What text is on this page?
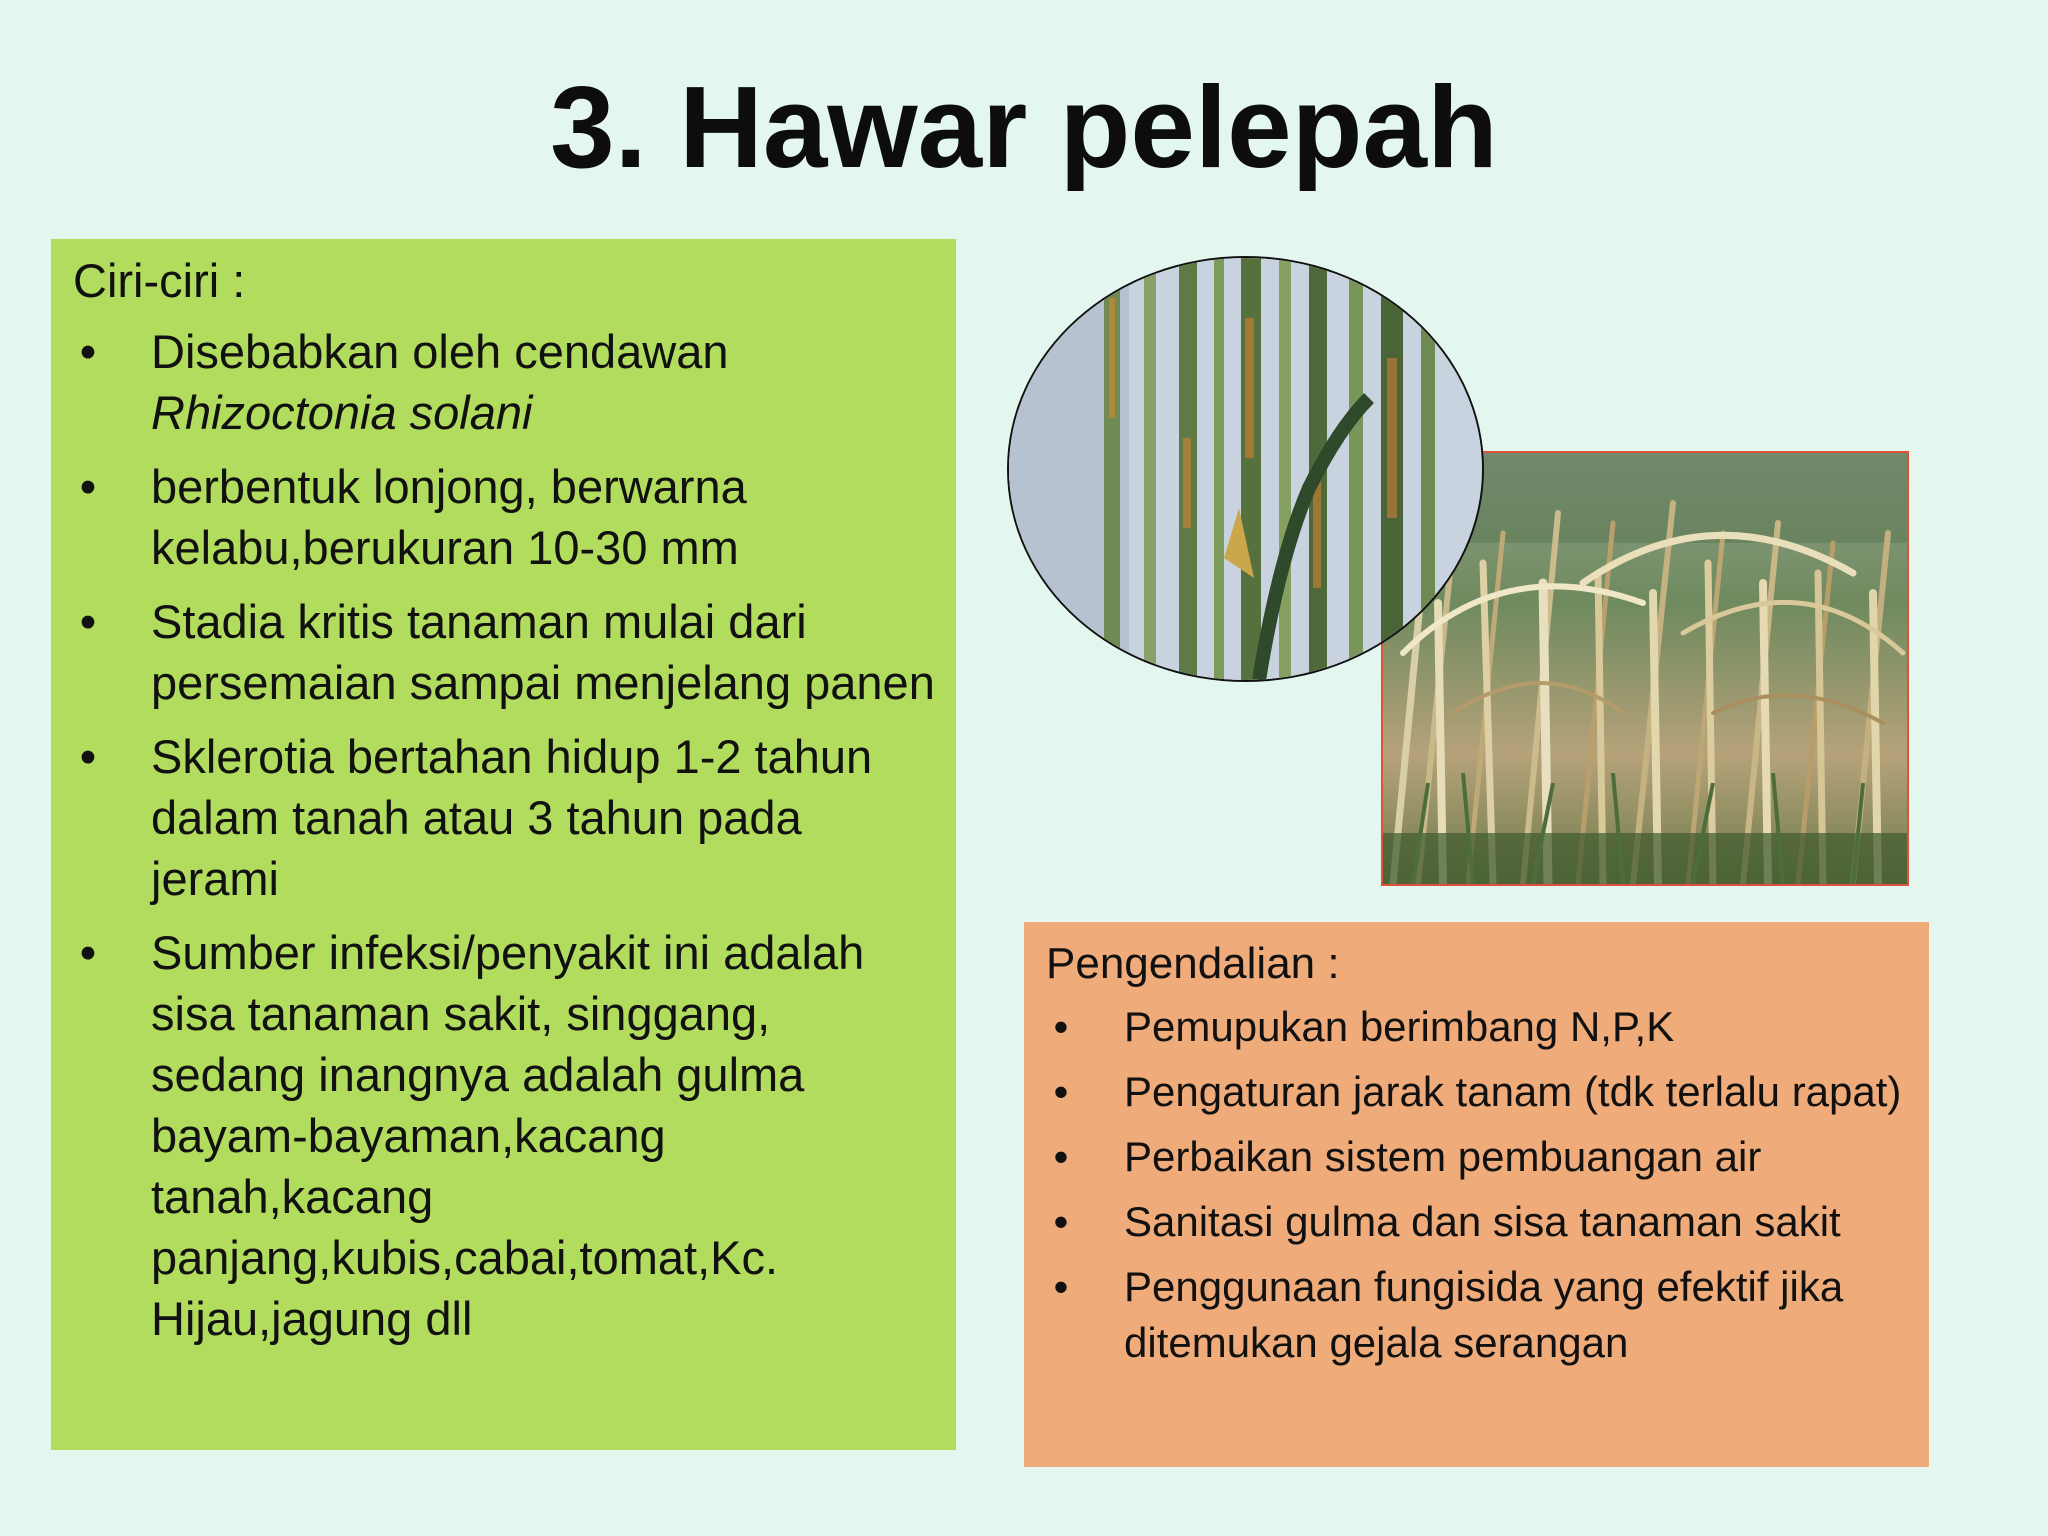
3. Hawar pelepah
Ciri-ciri :
• Disebabkan oleh cendawan
Rhizoctonia solani
• berbentuk lonjong, berwarna kelabu,berukuran 10-30 mm
• Stadia kritis tanaman mulai dari persemaian sampai menjelang panen
• Sklerotia bertahan hidup 1-2 tahun dalam tanah atau 3 tahun pada jerami
• Sumber infeksi/penyakit ini adalah sisa tanaman sakit, singgang, sedang inangnya adalah gulma bayam-bayaman,kacang tanah,kacang panjang,kubis,cabai,tomat,Kc. Hijau,jagung dll
Pengendalian :
• Pemupukan berimbang N,P,K
• Pengaturan jarak tanam (tdk terlalu rapat)
• Perbaikan sistem pembuangan air
• Sanitasi gulma dan sisa tanaman sakit
• Penggunaan fungisida yang efektif jika ditemukan gejala serangan
